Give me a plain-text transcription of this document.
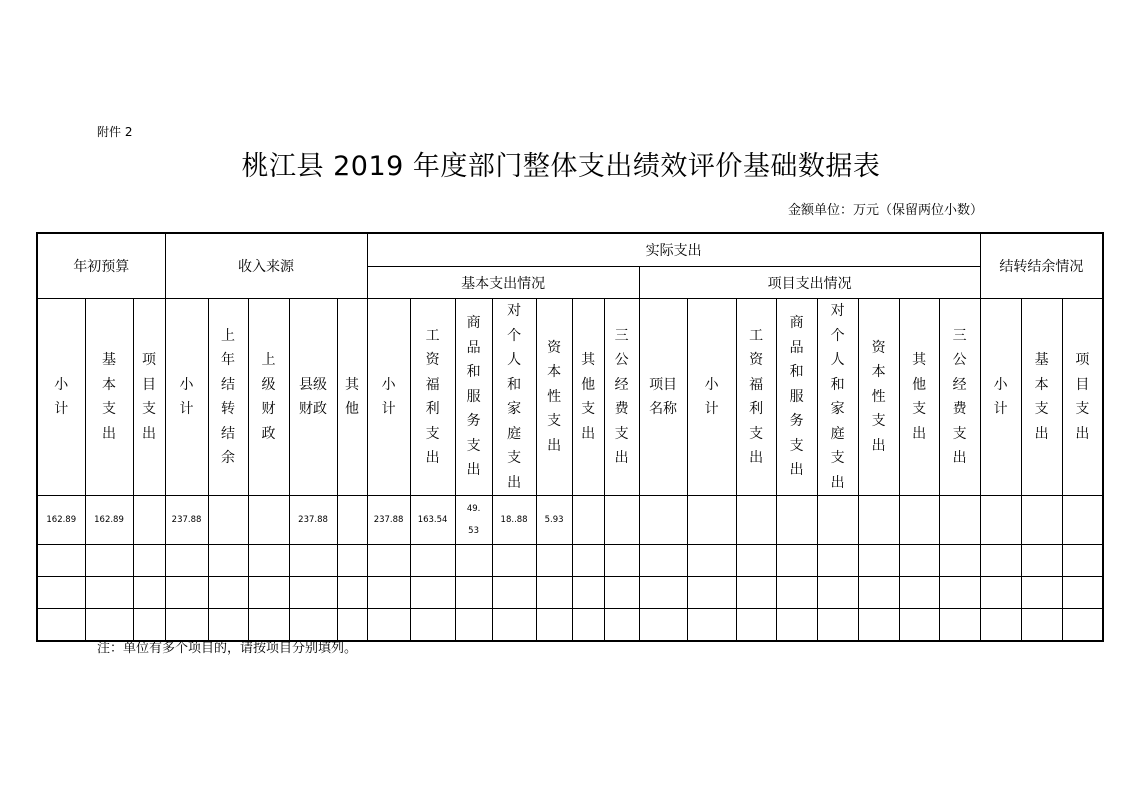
附件 2
桃江县 2019 年度部门整体支出绩效评价基础数据表
金额单位：万元（保留两位小数）
年初预算			收入来源					实际支出															结转结余情况		
								基本支出情况							项目支出情况										
小计	基本支出	项目支出	小计	上年结转结余	上级财政	县级财政	其他	小计	工资福利支出	商品和服务支出	对个人和家庭支出	资本性支出	其他支出	三公经费支出	项目名称	小计	工资福利支出	商品和服务支出	对个人和家庭支出	资本性支出	其他支出	三公经费支出	小计	基本支出	项目支出
162.89	162.89		237.88			237.88		237.88	163.54	49.53	18..88	5.93													

注：单位有多个项目的，请按项目分别填列。
